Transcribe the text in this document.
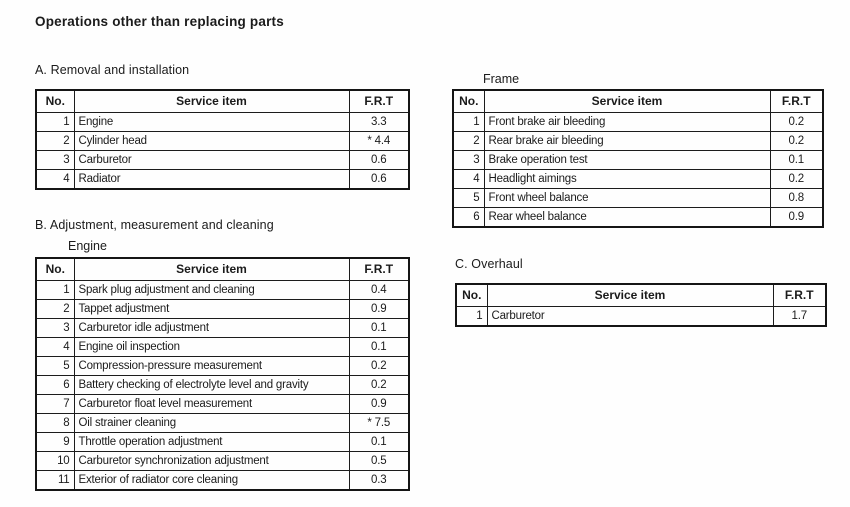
Operations other than replacing parts
A. Removal and installation
No.	Service item	F.R.T
1	Engine	3.3
2	Cylinder head	* 4.4
3	Carburetor	0.6
4	Radiator	0.6
Frame
No.	Service item	F.R.T
1	Front brake air bleeding	0.2
2	Rear brake air bleeding	0.2
3	Brake operation test	0.1
4	Headlight aimings	0.2
5	Front wheel balance	0.8
6	Rear wheel balance	0.9
B. Adjustment, measurement and cleaning
Engine
No.	Service item	F.R.T
1	Spark plug adjustment and cleaning	0.4
2	Tappet adjustment	0.9
3	Carburetor idle adjustment	0.1
4	Engine oil inspection	0.1
5	Compression-pressure measurement	0.2
6	Battery checking of electrolyte level and gravity	0.2
7	Carburetor float level measurement	0.9
8	Oil strainer cleaning	* 7.5
9	Throttle operation adjustment	0.1
10	Carburetor synchronization adjustment	0.5
11	Exterior of radiator core cleaning	0.3
C. Overhaul
No.	Service item	F.R.T
1	Carburetor	1.7
